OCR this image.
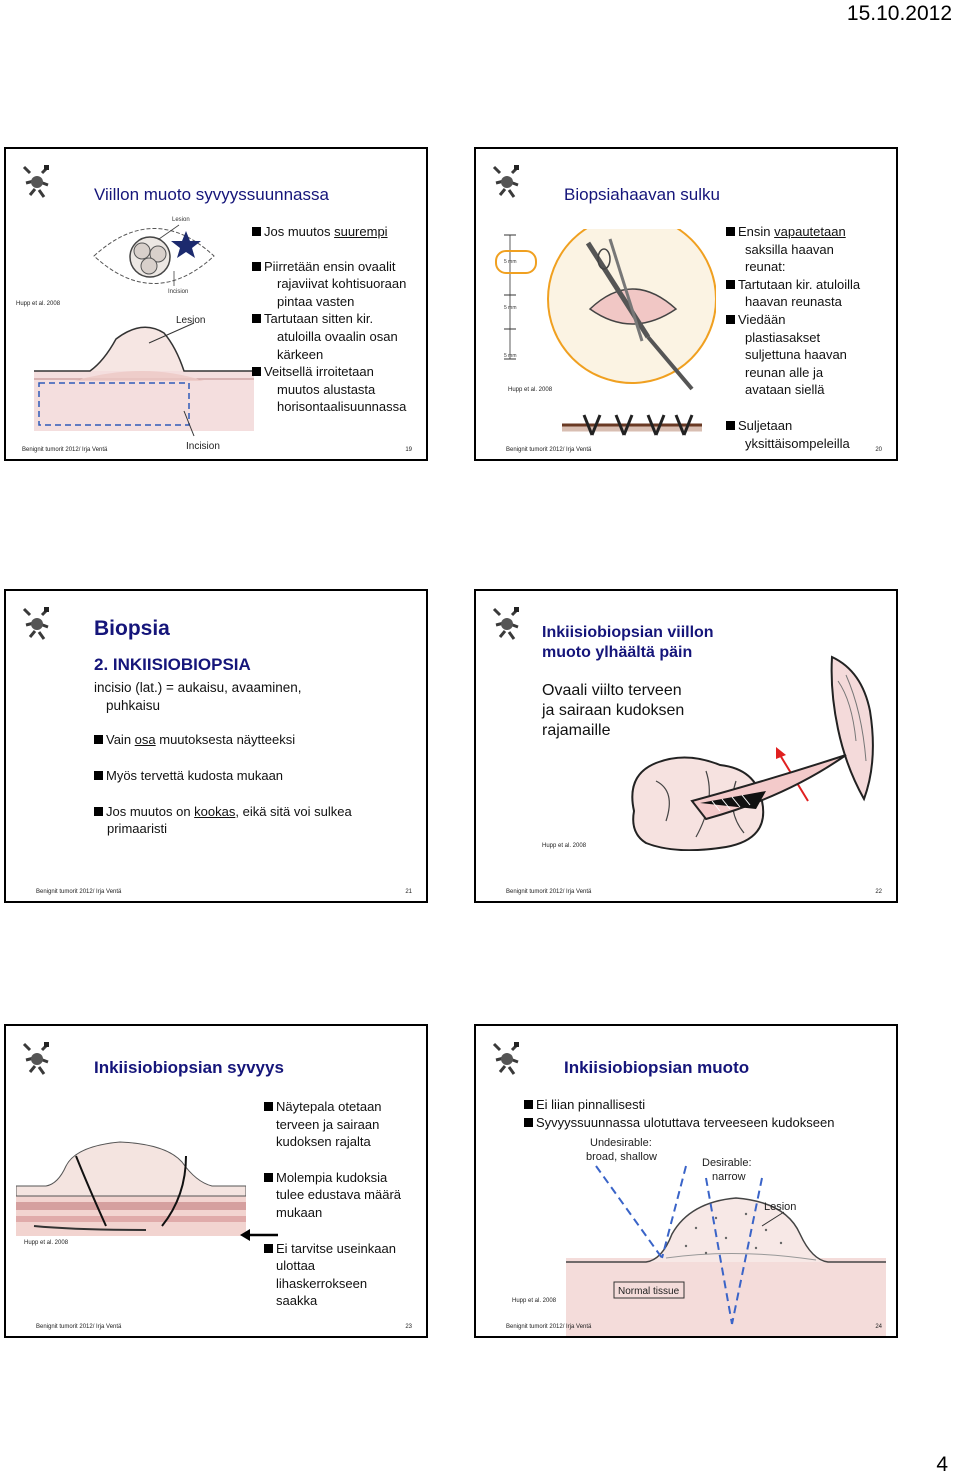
15.10.2012
Viillon muoto syvyyssuunnassa
Hupp et al. 2008
Lesion
Incision
Lesion
Incision
Jos muutos suurempi
Piirretään ensin ovaalit
rajaviivat kohtisuoraan
pintaa vasten
Tartutaan sitten kir.
atuloilla ovaalin osan
kärkeen
Veitsellä irroitetaan
muutos alustasta
horisontaalisuunnassa
Benignit tumorit 2012/ Irja Ventä	19
Biopsiahaavan sulku
5 mm
5 mm
5 mm
Hupp et al. 2008
Ensin vapautetaan
saksilla haavan
reunat:
Tartutaan kir. atuloilla
haavan reunasta
Viedään
plastiasakset
suljettuna haavan
reunan alle ja
avataan siellä
Suljetaan
yksittäisompeleilla
Benignit tumorit 2012/ Irja Ventä	20
Biopsia
2. INKIISIOBIOPSIA
incisio (lat.) = aukaisu, avaaminen,
puhkaisu
Vain osa muutoksesta näytteeksi
Myös tervettä kudosta mukaan
Jos muutos on kookas, eikä sitä voi sulkea
primaaristi
Benignit tumorit 2012/ Irja Ventä	21
Inkiisiobiopsian viillon
muoto ylhäältä päin
Ovaali viilto terveen
ja sairaan kudoksen
rajamaille
Hupp et al. 2008
Benignit tumorit 2012/ Irja Ventä	22
Inkiisiobiopsian syvyys
Hupp et al. 2008
Näytepala otetaan
terveen ja sairaan
kudoksen rajalta
Molempia kudoksia
tulee edustava määrä
mukaan
Ei tarvitse useinkaan
ulottaa
lihaskerrokseen
saakka
Benignit tumorit 2012/ Irja Ventä	23
Inkiisiobiopsian muoto
Ei liian pinnallisesti
Syvyyssuunnassa ulotuttava terveeseen kudokseen
Undesirable:
broad, shallow	Desirable:
narrow
Lesion
Normal tissue
Hupp et al. 2008
Benignit tumorit 2012/ Irja Ventä	24
4
